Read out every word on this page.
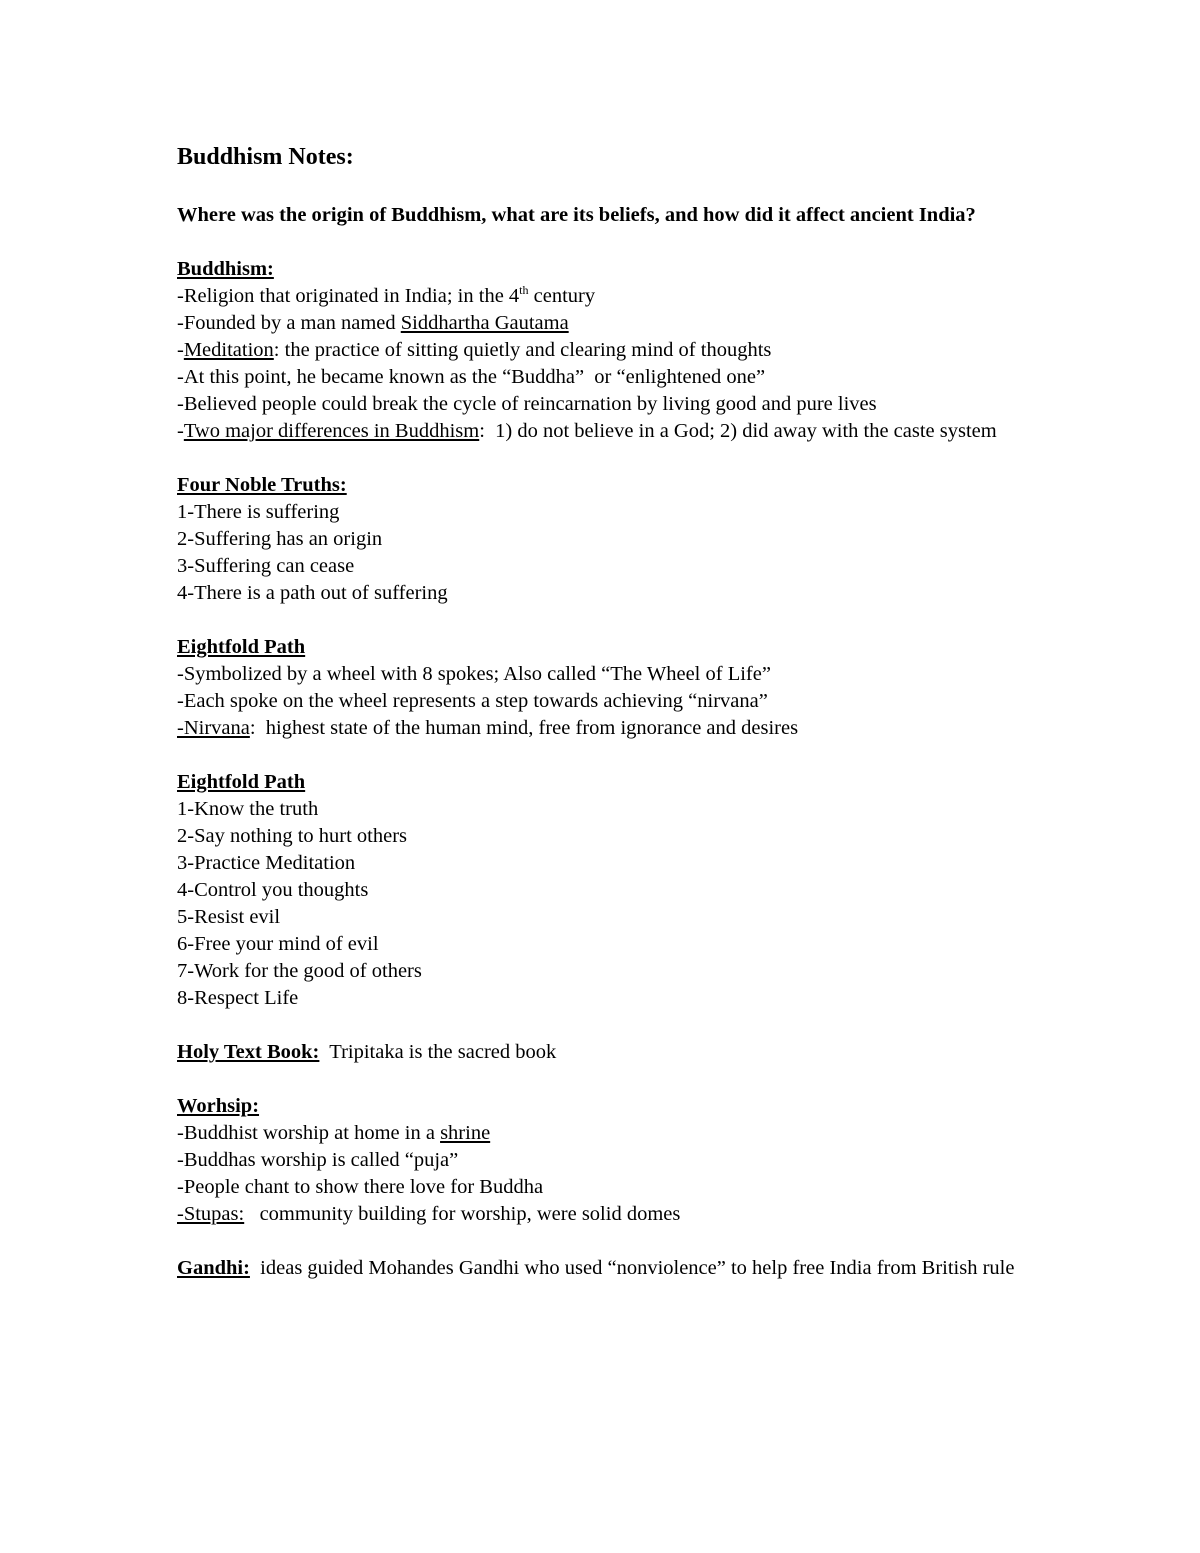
Buddhism Notes:
Where was the origin of Buddhism, what are its beliefs, and how did it affect ancient India?
Buddhism:
-Religion that originated in India; in the 4th century
-Founded by a man named Siddhartha Gautama
-Meditation: the practice of sitting quietly and clearing mind of thoughts
-At this point, he became known as the “Buddha”  or “enlightened one”
-Believed people could break the cycle of reincarnation by living good and pure lives
-Two major differences in Buddhism:  1) do not believe in a God; 2) did away with the caste system
Four Noble Truths:
1-There is suffering
2-Suffering has an origin
3-Suffering can cease
4-There is a path out of suffering
Eightfold Path
-Symbolized by a wheel with 8 spokes; Also called “The Wheel of Life”
-Each spoke on the wheel represents a step towards achieving “nirvana”
-Nirvana:  highest state of the human mind, free from ignorance and desires
Eightfold Path
1-Know the truth
2-Say nothing to hurt others
3-Practice Meditation
4-Control you thoughts
5-Resist evil
6-Free your mind of evil
7-Work for the good of others
8-Respect Life
Holy Text Book:  Tripitaka is the sacred book
Worhsip:
-Buddhist worship at home in a shrine
-Buddhas worship is called “puja”
-People chant to show there love for Buddha
-Stupas:   community building for worship, were solid domes
Gandhi:  ideas guided Mohandes Gandhi who used “nonviolence” to help free India from British rule
